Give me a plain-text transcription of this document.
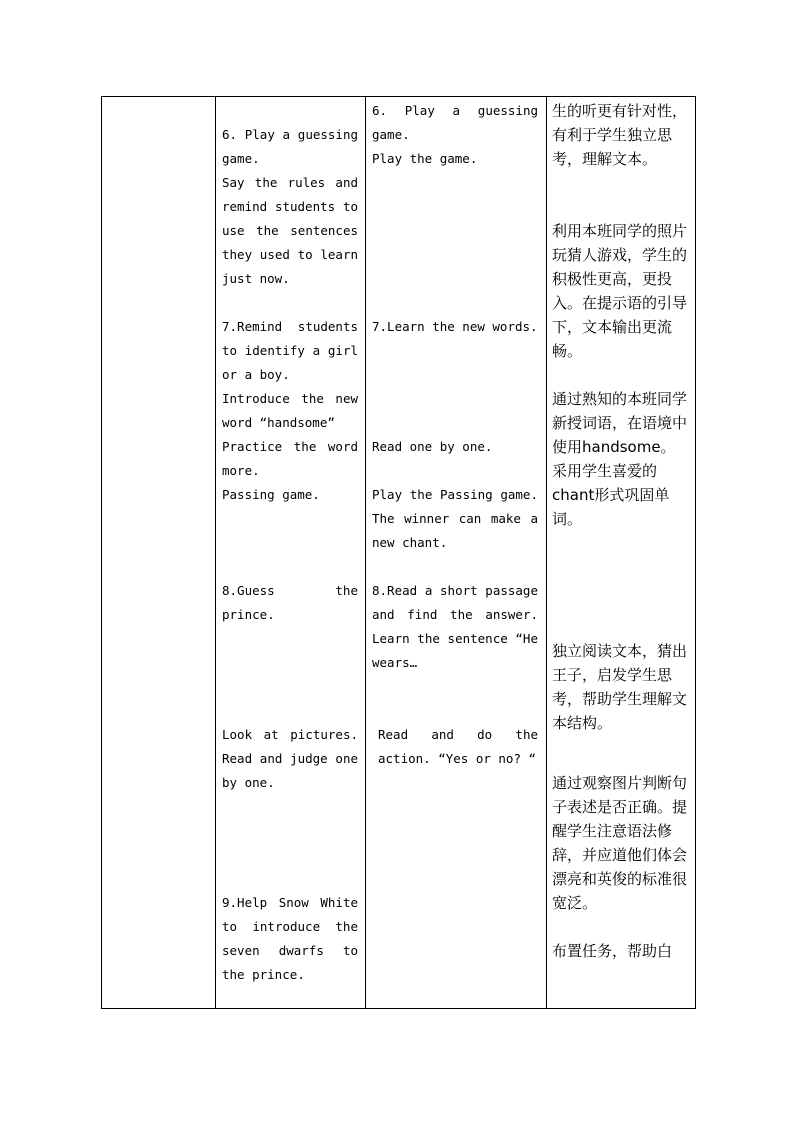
6. Play a guessing game.
Say the rules and remind students to use the sentences they used to learn just now.
7.Remind students to identify a girl or a boy.
Introduce the new word “handsome”
Practice the word more.
Passing game.
8.Guess the prince.
Look at pictures. Read and judge one by one.
9.Help Snow White to introduce the seven dwarfs to the prince.
6. Play a guessing game.
Play the game.
7.Learn the new words.
Read one by one.
Play the Passing game. The winner can make a new chant.
8.Read a short passage and find the answer. Learn the sentence “He wears…
Read and do the action. “Yes or no? “
生的听更有针对性，有利于学生独立思考，理解文本。
利用本班同学的照片玩猜人游戏，学生的积极性更高，更投入。在提示语的引导下，文本输出更流畅。
通过熟知的本班同学新授词语，在语境中使用handsome。采用学生喜爱的chant形式巩固单词。
独立阅读文本，猜出王子，启发学生思考，帮助学生理解文本结构。
通过观察图片判断句子表述是否正确。提醒学生注意语法修辞，并应道他们体会漂亮和英俊的标准很宽泛。
布置任务，帮助白
